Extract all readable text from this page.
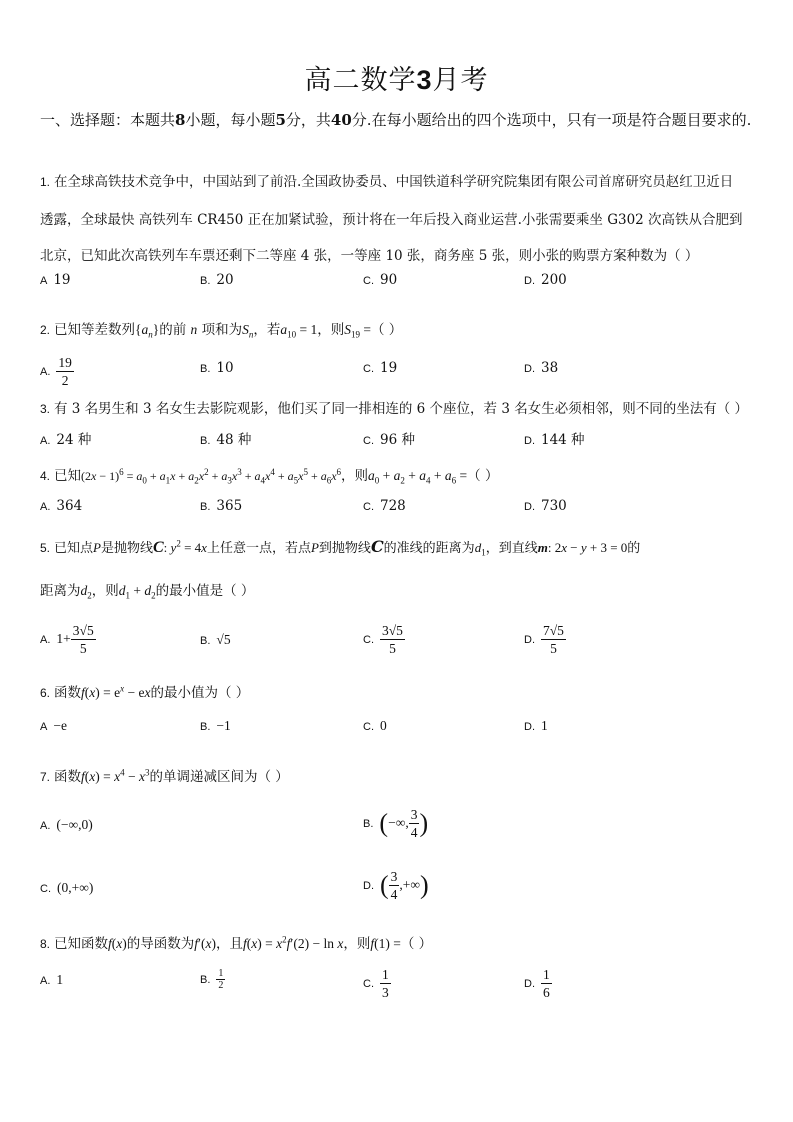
高二数学3月考
一、选择题：本题共8小题，每小题5分，共40分.在每小题给出的四个选项中，只有一项是符合题目要求的.
1. 在全球高铁技术竞争中，中国站到了前沿.全国政协委员、中国铁道科学研究院集团有限公司首席研究员赵红卫近日
透露，全球最快 高铁列车 CR450 正在加紧试验，预计将在一年后投入商业运营.小张需要乘坐 G302 次高铁从合肥到
北京，已知此次高铁列车车票还剩下二等座 4 张，一等座 10 张，商务座 5 张，则小张的购票方案种数为（ ）
A 19	B. 20	C. 90	D. 200
2. 已知等差数列$\{a_n\}$的前 n 项和为$S_n$，若$a_{10} = 1$，则$S_{19}$ =（ ）
A. $\frac{19}{2}$	B. 10	C. 19	D. 38
3. 有 3 名男生和 3 名女生去影院观影，他们买了同一排相连的 6 个座位，若 3 名女生必须相邻，则不同的坐法有（ ）
A. 24 种	B. 48 种	C. 96 种	D. 144 种
4. 已知$(2x - 1)^6 = a_0 + a_1x + a_2x^2 + a_3x^3 + a_4x^4 + a_5x^5 + a_6x^6$，则$a_0 + a_2 + a_4 + a_6$ =（ ）
A. 364	B. 365	C. 728	D. 730
5. 已知点P是抛物线C: $y^2 = 4x$上任意一点，若点P到抛物线C的准线的距离为$d_1$，到直线m: 2x − y + 3 = 0的
距离为$d_2$，则$d_1 + d_2$的最小值是（ ）
A. $1+ \frac{3√5}{5}$	B. √5	C. $\frac{3√5}{5}$	D. $\frac{7√5}{5}$
6. 函数$f(x) = e^x$ − ex的最小值为（ ）
A −e	B. −1	C. 0	D. 1
7. 函数$f(x) = x^4 - x^3$的单调递减区间为（ ）
A. (−∞,0)	B. (−∞, $\frac{3}{4}$ )
C. (0,+∞)	D. ( $\frac{3}{4}$ ,+∞)
8. 已知函数f(x)的导函数为f′(x)，且$f(x) = x^2f'(2) - \ln x$，则f(1) =（ ）
A. 1	B. $\frac{1}{2}$	C. $\frac{1}{3}$	D. $\frac{1}{6}$
